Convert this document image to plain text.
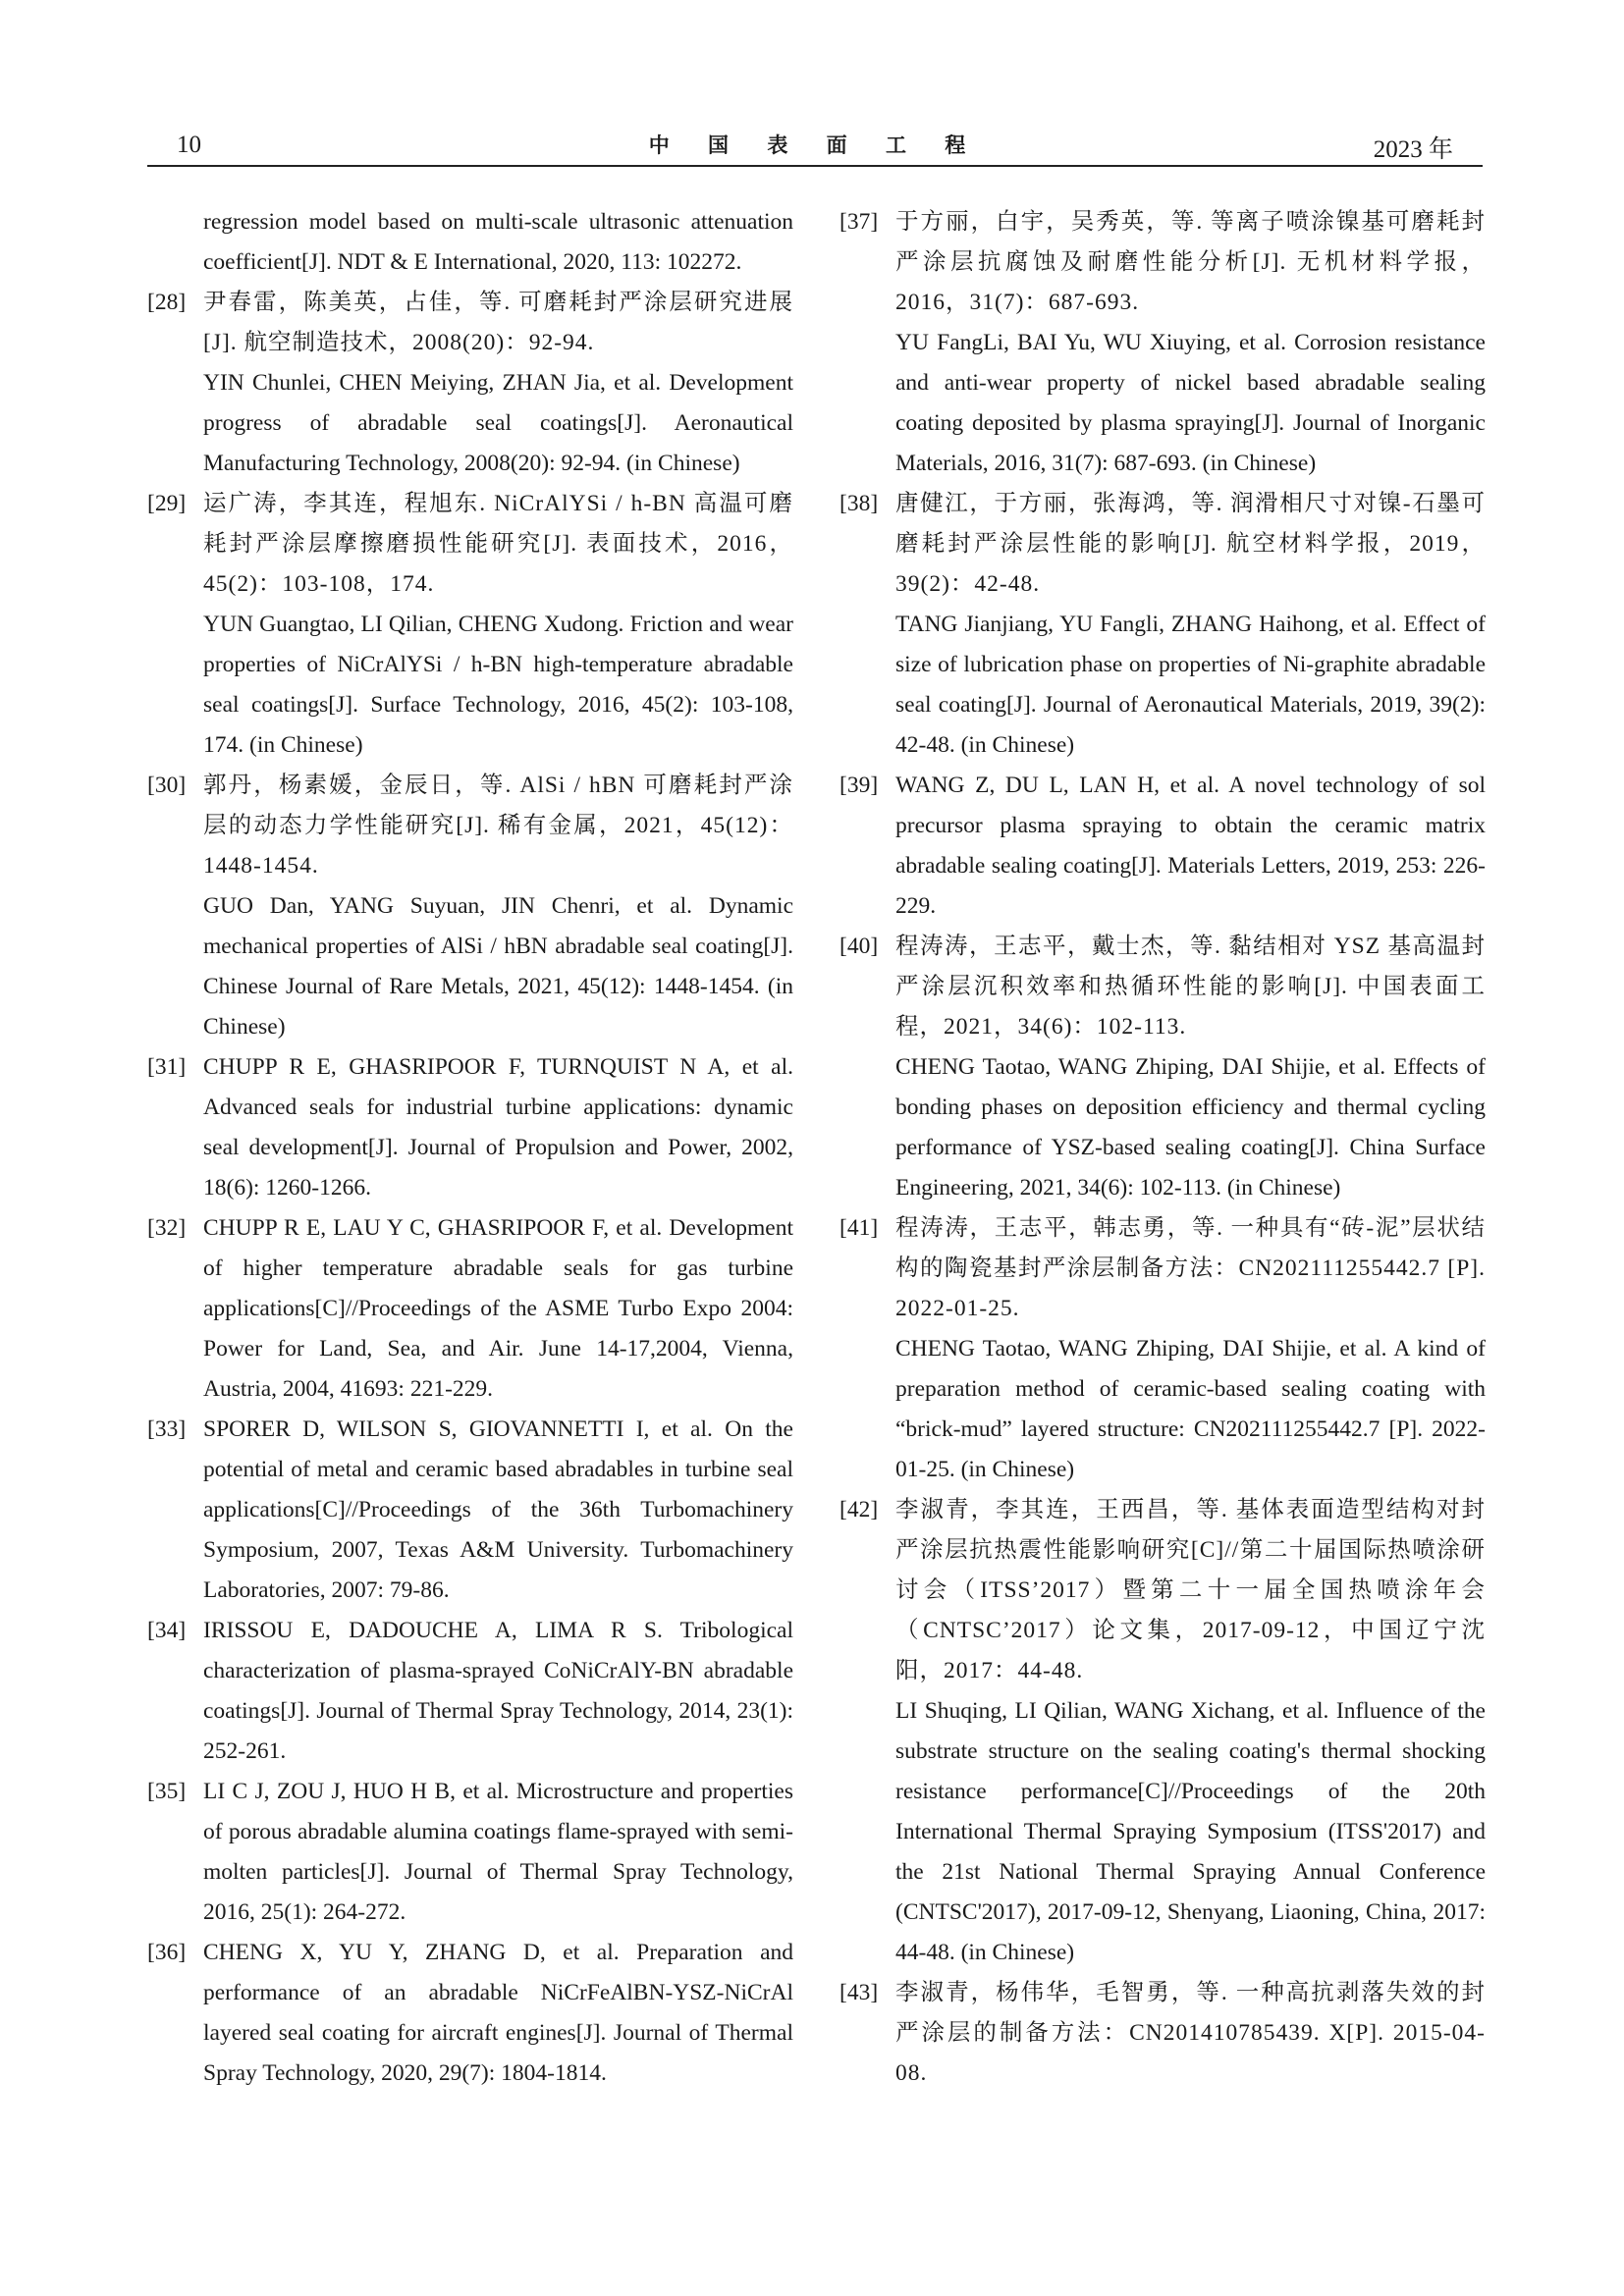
10	中 国 表 面 工 程	2023 年

regression model based on multi-scale ultrasonic attenuation coefficient[J]. NDT & E International, 2020, 113: 102272.

[28] 尹春雷，陈美英，占佳，等. 可磨耗封严涂层研究进展[J]. 航空制造技术，2008(20)：92-94.

YIN Chunlei, CHEN Meiying, ZHAN Jia, et al. Development progress of abradable seal coatings[J]. Aeronautical Manufacturing Technology, 2008(20): 92-94. (in Chinese)

[29] 运广涛，李其连，程旭东. NiCrAlYSi / h-BN 高温可磨耗封严涂层摩擦磨损性能研究[J]. 表面技术，2016，45(2)：103-108，174.

YUN Guangtao, LI Qilian, CHENG Xudong. Friction and wear properties of NiCrAlYSi / h-BN high-temperature abradable seal coatings[J]. Surface Technology, 2016, 45(2): 103-108, 174. (in Chinese)

[30] 郭丹，杨素媛，金辰日，等. AlSi / hBN 可磨耗封严涂层的动态力学性能研究[J]. 稀有金属，2021，45(12)：1448-1454.

GUO Dan, YANG Suyuan, JIN Chenri, et al. Dynamic mechanical properties of AlSi / hBN abradable seal coating[J]. Chinese Journal of Rare Metals, 2021, 45(12): 1448-1454. (in Chinese)

[31] CHUPP R E, GHASRIPOOR F, TURNQUIST N A, et al. Advanced seals for industrial turbine applications: dynamic seal development[J]. Journal of Propulsion and Power, 2002, 18(6): 1260-1266.

[32] CHUPP R E, LAU Y C, GHASRIPOOR F, et al. Development of higher temperature abradable seals for gas turbine applications[C]//Proceedings of the ASME Turbo Expo 2004: Power for Land, Sea, and Air. June 14-17,2004, Vienna, Austria, 2004, 41693: 221-229.

[33] SPORER D, WILSON S, GIOVANNETTI I, et al. On the potential of metal and ceramic based abradables in turbine seal applications[C]//Proceedings of the 36th Turbomachinery Symposium, 2007, Texas A&M University. Turbomachinery Laboratories, 2007: 79-86.

[34] IRISSOU E, DADOUCHE A, LIMA R S. Tribological characterization of plasma-sprayed CoNiCrAlY-BN abradable coatings[J]. Journal of Thermal Spray Technology, 2014, 23(1): 252-261.

[35] LI C J, ZOU J, HUO H B, et al. Microstructure and properties of porous abradable alumina coatings flame-sprayed with semi-molten particles[J]. Journal of Thermal Spray Technology, 2016, 25(1): 264-272.

[36] CHENG X, YU Y, ZHANG D, et al. Preparation and performance of an abradable NiCrFeAlBN-YSZ-NiCrAl layered seal coating for aircraft engines[J]. Journal of Thermal Spray Technology, 2020, 29(7): 1804-1814.

[37] 于方丽，白宇，吴秀英，等. 等离子喷涂镍基可磨耗封严涂层抗腐蚀及耐磨性能分析[J]. 无机材料学报，2016，31(7)：687-693.

YU FangLi, BAI Yu, WU Xiuying, et al. Corrosion resistance and anti-wear property of nickel based abradable sealing coating deposited by plasma spraying[J]. Journal of Inorganic Materials, 2016, 31(7): 687-693. (in Chinese)

[38] 唐健江，于方丽，张海鸿，等. 润滑相尺寸对镍-石墨可磨耗封严涂层性能的影响[J]. 航空材料学报，2019，39(2)：42-48.

TANG Jianjiang, YU Fangli, ZHANG Haihong, et al. Effect of size of lubrication phase on properties of Ni-graphite abradable seal coating[J]. Journal of Aeronautical Materials, 2019, 39(2): 42-48. (in Chinese)

[39] WANG Z, DU L, LAN H, et al. A novel technology of sol precursor plasma spraying to obtain the ceramic matrix abradable sealing coating[J]. Materials Letters, 2019, 253: 226-229.

[40] 程涛涛，王志平，戴士杰，等. 黏结相对 YSZ 基高温封严涂层沉积效率和热循环性能的影响[J]. 中国表面工程，2021，34(6)：102-113.

CHENG Taotao, WANG Zhiping, DAI Shijie, et al. Effects of bonding phases on deposition efficiency and thermal cycling performance of YSZ-based sealing coating[J]. China Surface Engineering, 2021, 34(6): 102-113. (in Chinese)

[41] 程涛涛，王志平，韩志勇，等. 一种具有“砖-泥”层状结构的陶瓷基封严涂层制备方法：CN202111255442.7 [P]. 2022-01-25.

CHENG Taotao, WANG Zhiping, DAI Shijie, et al. A kind of preparation method of ceramic-based sealing coating with “brick-mud” layered structure: CN202111255442.7 [P]. 2022-01-25. (in Chinese)

[42] 李淑青，李其连，王西昌，等. 基体表面造型结构对封严涂层抗热震性能影响研究[C]//第二十届国际热喷涂研讨会（ITSS’2017）暨第二十一届全国热喷涂年会（CNTSC’2017）论文集，2017-09-12，中国辽宁沈阳，2017：44-48.

LI Shuqing, LI Qilian, WANG Xichang, et al. Influence of the substrate structure on the sealing coating's thermal shocking resistance performance[C]//Proceedings of the 20th International Thermal Spraying Symposium (ITSS'2017) and the 21st National Thermal Spraying Annual Conference (CNTSC'2017), 2017-09-12, Shenyang, Liaoning, China, 2017: 44-48. (in Chinese)

[43] 李淑青，杨伟华，毛智勇，等. 一种高抗剥落失效的封严涂层的制备方法：CN201410785439. X[P]. 2015-04-08.
